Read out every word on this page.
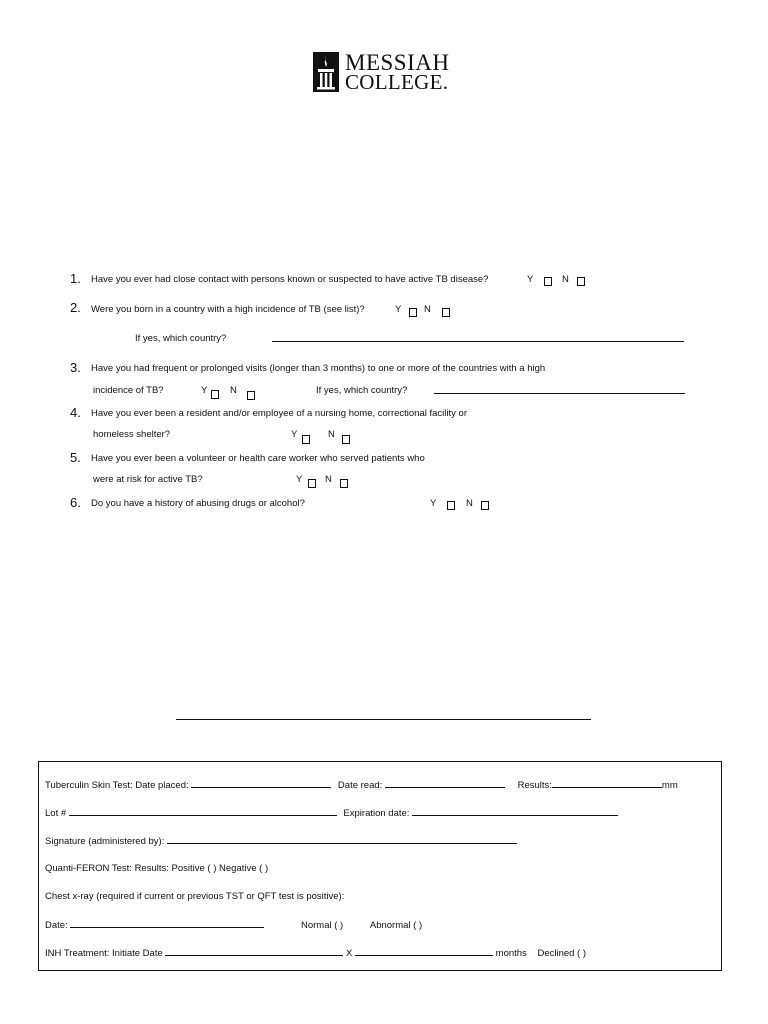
MESSIAH
COLLEGE.
1. Have you ever had close contact with persons known or suspected to have active TB disease?	Y	N
2. Were you born in a country with a high incidence of TB (see list)?	Y N
If yes, which country?
3. Have you had frequent or prolonged visits (longer than 3 months) to one or more of the countries with a high
incidence of TB?	Y N	If yes, which country?
4. Have you ever been a resident and/or employee of a nursing home, correctional facility or
homeless shelter?	Y	N
5. Have you ever been a volunteer or health care worker who served patients who
were at risk for active TB?	Y N
6. Do you have a history of abusing drugs or alcohol?	Y	N
Tuberculin Skin Test: Date placed:	Date read:	Results:	mm
Lot #	Expiration date:
Signature (administered by):
Quanti-FERON Test: Results: Positive ( ) Negative ( )
Chest x-ray (required if current or previous TST or QFT test is positive):
Date:	Normal ( )	Abnormal ( )
INH Treatment: Initiate Date	X	months Declined ( )
